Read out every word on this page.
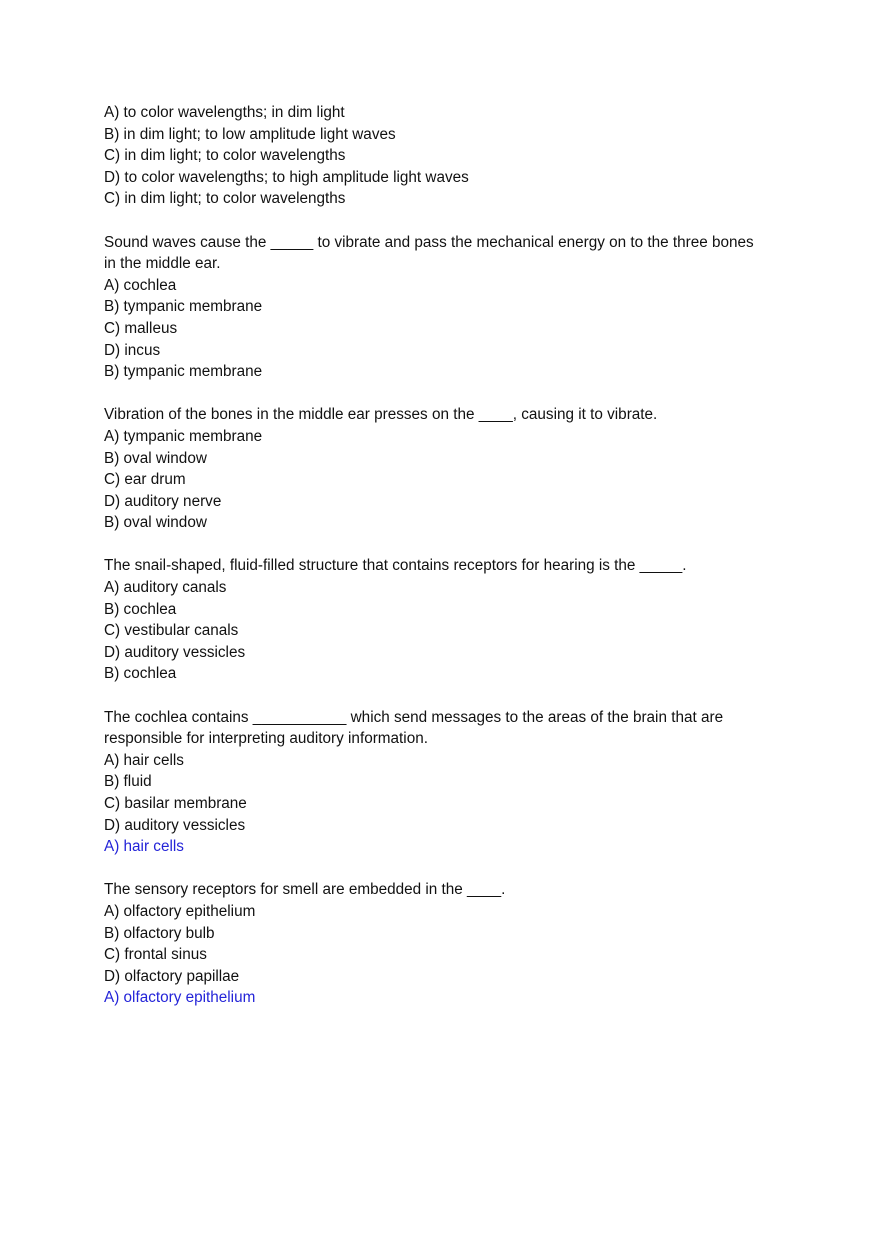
A) to color wavelengths; in dim light
B) in dim light; to low amplitude light waves
C) in dim light; to color wavelengths
D) to color wavelengths; to high amplitude light waves
C) in dim light; to color wavelengths
Sound waves cause the _____ to vibrate and pass the mechanical energy on to the three bones
in the middle ear.
A) cochlea
B) tympanic membrane
C) malleus
D) incus
B) tympanic membrane
Vibration of the bones in the middle ear presses on the ____, causing it to vibrate.
A) tympanic membrane
B) oval window
C) ear drum
D) auditory nerve
B) oval window
The snail-shaped, fluid-filled structure that contains receptors for hearing is the _____.
A) auditory canals
B) cochlea
C) vestibular canals
D) auditory vessicles
B) cochlea
The cochlea contains ___________ which send messages to the areas of the brain that are
responsible for interpreting auditory information.
A) hair cells
B) fluid
C) basilar membrane
D) auditory vessicles
A) hair cells
The sensory receptors for smell are embedded in the ____.
A) olfactory epithelium
B) olfactory bulb
C) frontal sinus
D) olfactory papillae
A) olfactory epithelium
